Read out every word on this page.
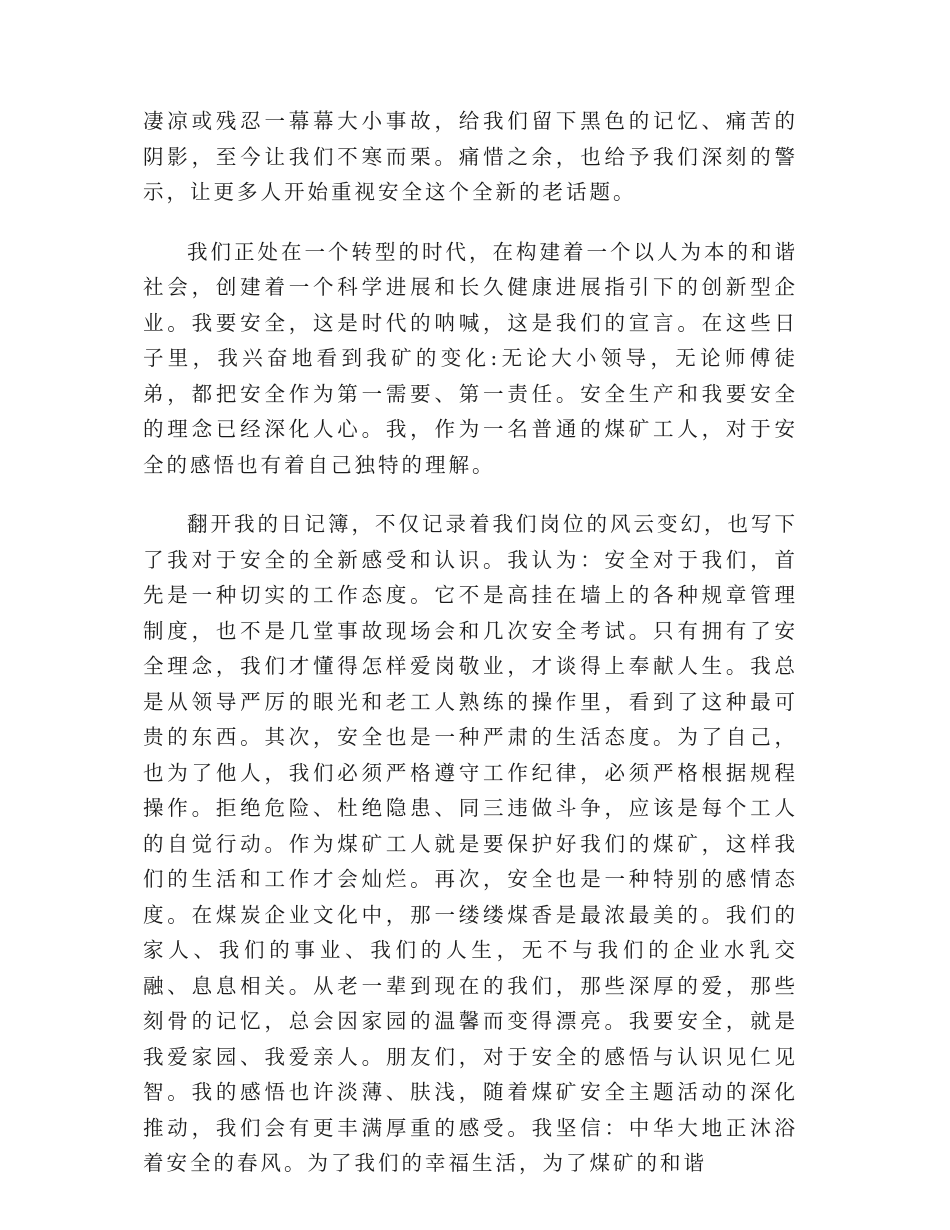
凄凉或残忍一幕幕大小事故，给我们留下黑色的记忆、痛苦的阴影，至今让我们不寒而栗。痛惜之余，也给予我们深刻的警示，让更多人开始重视安全这个全新的老话题。

我们正处在一个转型的时代，在构建着一个以人为本的和谐社会，创建着一个科学进展和长久健康进展指引下的创新型企业。我要安全，这是时代的呐喊，这是我们的宣言。在这些日子里，我兴奋地看到我矿的变化:无论大小领导，无论师傅徒弟，都把安全作为第一需要、第一责任。安全生产和我要安全的理念已经深化人心。我，作为一名普通的煤矿工人，对于安全的感悟也有着自己独特的理解。

翻开我的日记簿，不仅记录着我们岗位的风云变幻，也写下了我对于安全的全新感受和认识。我认为：安全对于我们，首先是一种切实的工作态度。它不是高挂在墙上的各种规章管理制度，也不是几堂事故现场会和几次安全考试。只有拥有了安全理念，我们才懂得怎样爱岗敬业，才谈得上奉献人生。我总是从领导严厉的眼光和老工人熟练的操作里，看到了这种最可贵的东西。其次，安全也是一种严肃的生活态度。为了自己，也为了他人，我们必须严格遵守工作纪律，必须严格根据规程操作。拒绝危险、杜绝隐患、同三违做斗争，应该是每个工人的自觉行动。作为煤矿工人就是要保护好我们的煤矿，这样我们的生活和工作才会灿烂。再次，安全也是一种特别的感情态度。在煤炭企业文化中，那一缕缕煤香是最浓最美的。我们的家人、我们的事业、我们的人生，无不与我们的企业水乳交融、息息相关。从老一辈到现在的我们，那些深厚的爱，那些刻骨的记忆，总会因家园的温馨而变得漂亮。我要安全，就是我爱家园、我爱亲人。朋友们，对于安全的感悟与认识见仁见智。我的感悟也许淡薄、肤浅，随着煤矿安全主题活动的深化推动，我们会有更丰满厚重的感受。我坚信：中华大地正沐浴着安全的春风。为了我们的幸福生活，为了煤矿的和谐
